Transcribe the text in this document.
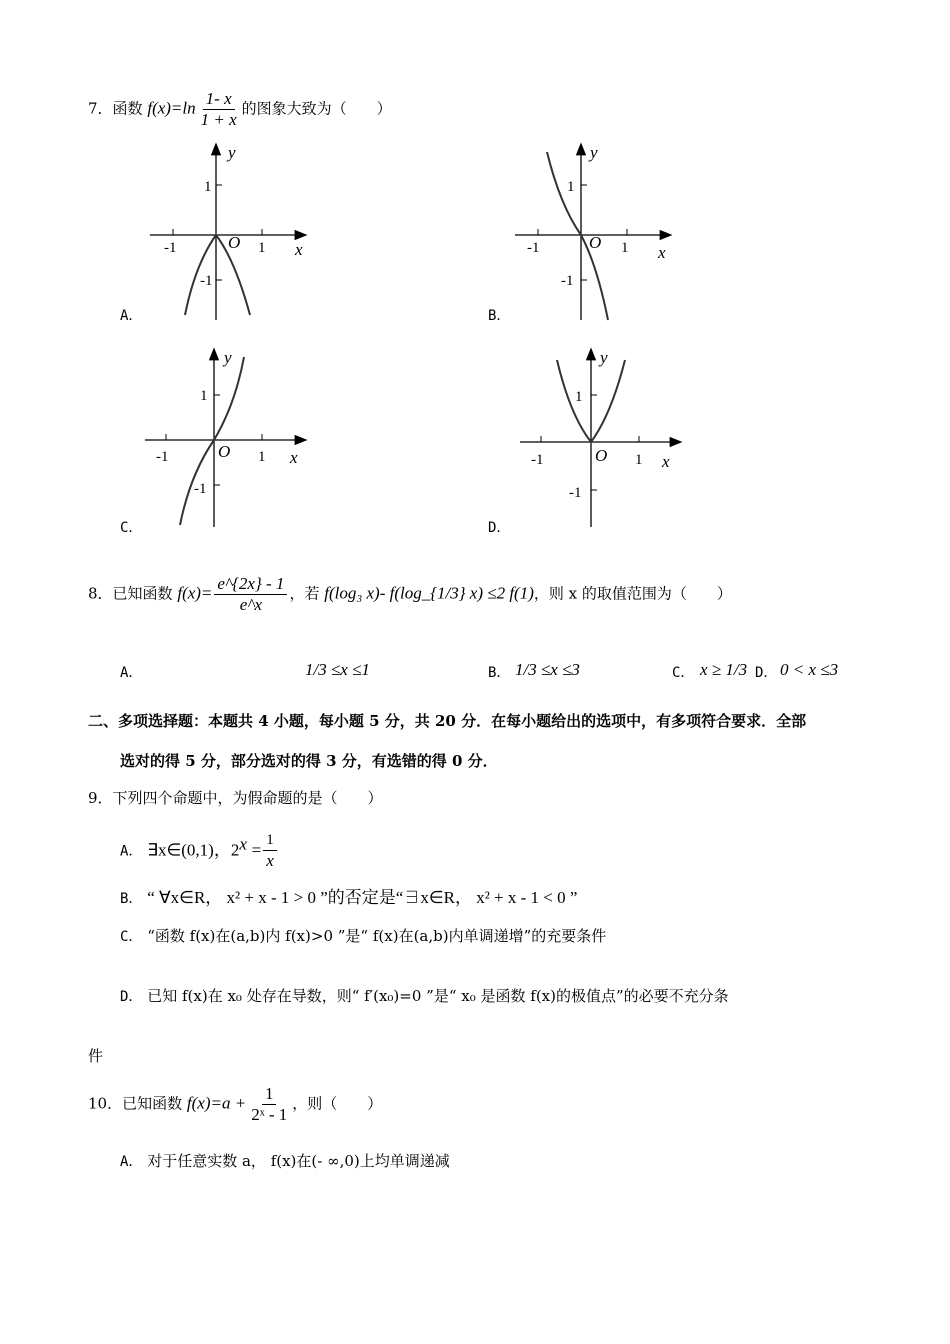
7．函数 $f(x)=\ln \frac{1- x}{1 + x}$ 的图象大致为（　　）
y
x
O
1
-1
-1	1
A．
y
x
O
1
-1
-1	1
B．
y
x
O
1
-1
-1	1
C．
y
x
O
1
-1
-1	1
D．
8．已知函数 $f(x)= \frac{e\^{}\{2x\} - 1}{e\^{}x}$ ，若 f(log₃ x)- f(log_{1/3} x) ≤2 f(1)，则 x 的取值范围为（　　）
A．	1/3 ≤x ≤1	B． 1/3 ≤x ≤3	C． x ≥ 1/3 D． 0 < x ≤3
二、多项选择题：本题共 4 小题，每小题 5 分，共 20 分．在每小题给出的选项中，有多项符合要求．全部
选对的得 5 分，部分选对的得 3 分，有选错的得 0 分．
9．下列四个命题中，为假命题的是（　　）
A． ∃x∈(0,1)，$2^x = \frac{1}{x}$
B． “ ∀x∈R， x² + x - 1 > 0 ”的否定是“∃x∈R， x² + x - 1 < 0 ”
C． “函数 f(x)在(a,b)内 f(x)>0 ”是“ f(x)在(a,b)内单调递增”的充要条件
D． 已知 f(x)在 x₀ 处存在导数，则“ f′(x₀)=0 ”是“ x₀ 是函数 f(x)的极值点”的必要不充分条
件
10．已知函数 $f(x)=a + \frac{1}{\text{2ˣ - 1}}$ ，则（　　）
A． 对于任意实数 a， f(x)在(- ∞,0)上均单调递减
